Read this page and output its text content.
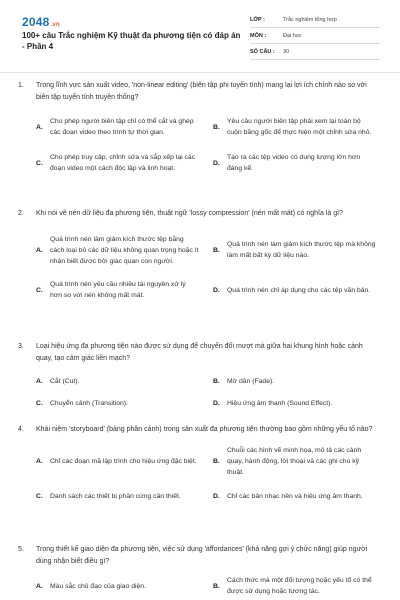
2048.vn
100+ câu Trắc nghiệm Kỹ thuật đa phương tiện có đáp án - Phần 4
LỚP :	Trắc nghiệm tổng hợp
MÔN :	Đại học
SỐ CÂU :	30
1.	Trong lĩnh vực sản xuất video, 'non-linear editing' (biên tập phi tuyến tính) mang lại lợi ích chính nào so với biên tập tuyến tính truyền thống?
A.
Cho phép người biên tập chỉ có thể cắt và ghép các đoạn video theo trình tự thời gian.
B.
Yêu cầu người biên tập phải xem lại toàn bộ cuộn băng gốc để thực hiện một chỉnh sửa nhỏ.
C.
Cho phép truy cập, chỉnh sửa và sắp xếp lại các đoạn video một cách độc lập và linh hoạt.
D.
Tạo ra các tệp video có dung lượng lớn hơn đáng kể.
2.	Khi nói về nén dữ liệu đa phương tiện, thuật ngữ 'lossy compression' (nén mất mát) có nghĩa là gì?
A.
Quá trình nén làm giảm kích thước tệp bằng cách loại bỏ các dữ liệu không quan trọng hoặc ít nhận biết được bởi giác quan con người.
B.
Quá trình nén làm giảm kích thước tệp mà không làm mất bất kỳ dữ liệu nào.
C.
Quá trình nén yêu cầu nhiều tài nguyên xử lý hơn so với nén không mất mát.
D.	Quá trình nén chỉ áp dụng cho các tệp văn bản.
3.	Loại hiệu ứng đa phương tiện nào được sử dụng để chuyển đổi mượt mà giữa hai khung hình hoặc cảnh quay, tạo cảm giác liền mạch?
A.	Cắt (Cut).	B.	Mờ dần (Fade).
C.	Chuyển cảnh (Transition).	D.	Hiệu ứng âm thanh (Sound Effect).
4.	Khái niệm 'storyboard' (bảng phân cảnh) trong sản xuất đa phương tiện thường bao gồm những yếu tố nào?
A.	Chỉ các đoạn mã lập trình cho hiệu ứng đặc biệt.	B.
Chuỗi các hình vẽ minh họa, mô tả các cảnh quay, hành động, lời thoại và các ghi chú kỹ thuật.
C.	Danh sách các thiết bị phần cứng cần thiết.	D.	Chỉ các bản nhạc nền và hiệu ứng âm thanh.
5.	Trong thiết kế giao diện đa phương tiện, việc sử dụng 'affordances' (khả năng gợi ý chức năng) giúp người dùng nhận biết điều gì?
A.	Màu sắc chủ đạo của giao diện.	B.
Cách thức mà một đối tượng hoặc yếu tố có thể được sử dụng hoặc tương tác.
